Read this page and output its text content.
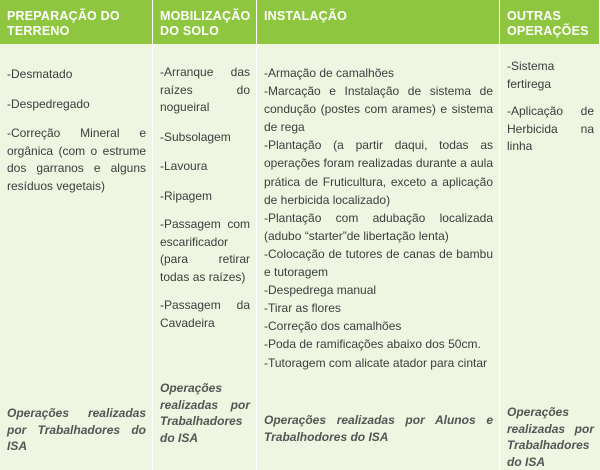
PREPARAÇÃO DO TERRENO
MOBILIZAÇÃO DO SOLO
INSTALAÇÃO	OUTRAS OPERAÇÕES
-Desmatado
-Despedregado
-Correção Mineral e orgânica (com o estrume dos garranos e alguns resíduos vegetais)
Operações realizadas por Trabalhadores do ISA
-Arranque das raízes do nogueiral
-Subsolagem
-Lavoura
-Ripagem
-Passagem com escarificador (para retirar todas as raízes)
-Passagem da Cavadeira
Operações realizadas por Trabalhadores do ISA
-Armação de camalhões
-Marcação e Instalação de sistema de condução (postes com arames) e sistema de rega
-Plantação (a partir daqui, todas as operações foram realizadas durante a aula prática de Fruticultura, exceto a aplicação de herbicida localizado)
-Plantação com adubação localizada (adubo “starter”de libertação lenta)
-Colocação de tutores de canas de bambu e tutoragem
-Despedrega manual
-Tirar as flores
-Correção dos camalhões
-Poda de ramificações abaixo dos 50cm.
-Tutoragem com alicate atador para cintar
Operações realizadas por Alunos e Trabalhodores do ISA
-Sistema fertirega
-Aplicação de Herbicida na linha
Operações realizadas por Trabalhadores do ISA
